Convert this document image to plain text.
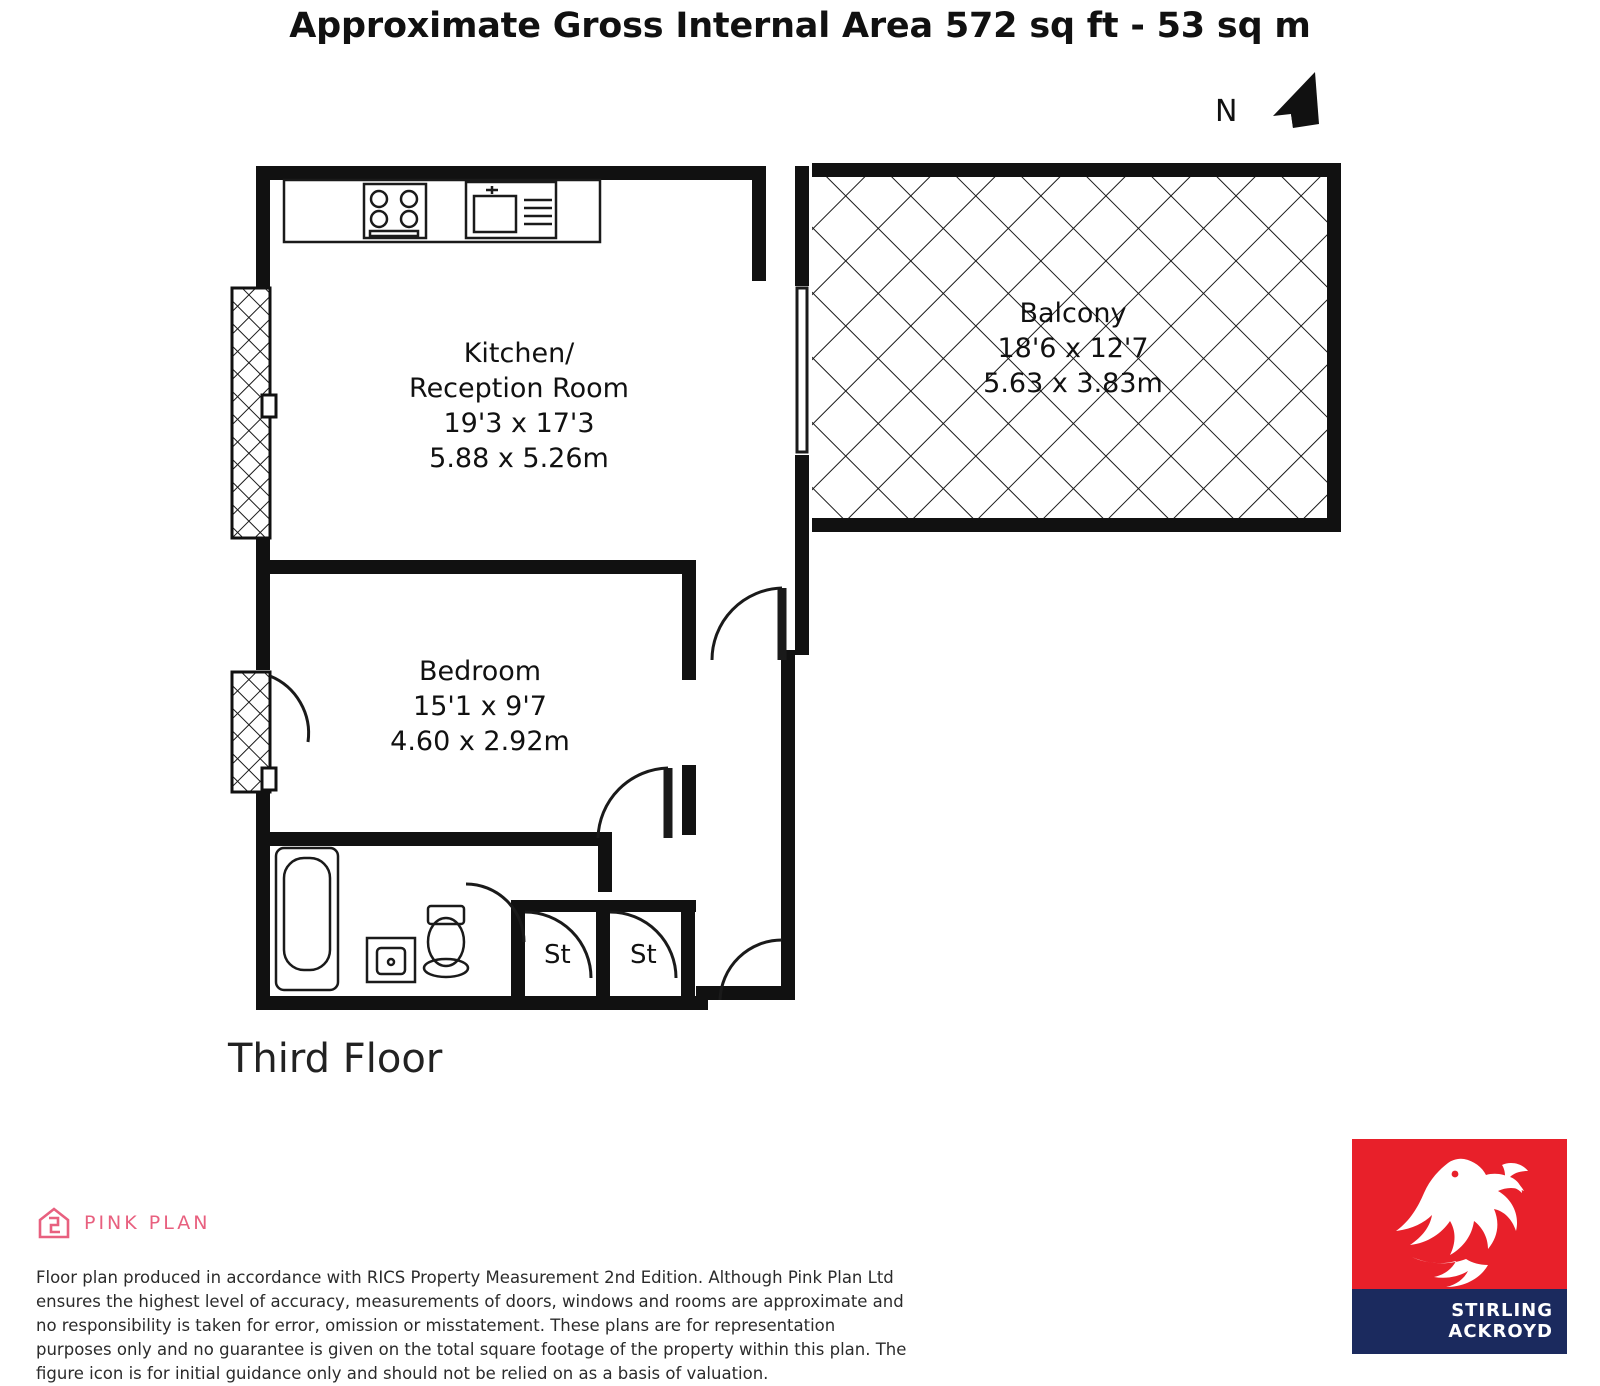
Approximate Gross Internal Area 572 sq ft - 53 sq m
N
Kitchen/
Reception Room
19'3 x 17'3
5.88 x 5.26m
Balcony
18'6 x 12'7
5.63 x 3.83m
Bedroom
15'1 x 9'7
4.60 x 2.92m
St St
Third Floor
PINK PLAN
Floor plan produced in accordance with RICS Property Measurement 2nd Edition. Although Pink Plan Ltd ensures the highest level of accuracy, measurements of doors, windows and rooms are approximate and no responsibility is taken for error, omission or misstatement. These plans are for representation purposes only and no guarantee is given on the total square footage of the property within this plan. The figure icon is for initial guidance only and should not be relied on as a basis of valuation.
STIRLING
ACKROYD
